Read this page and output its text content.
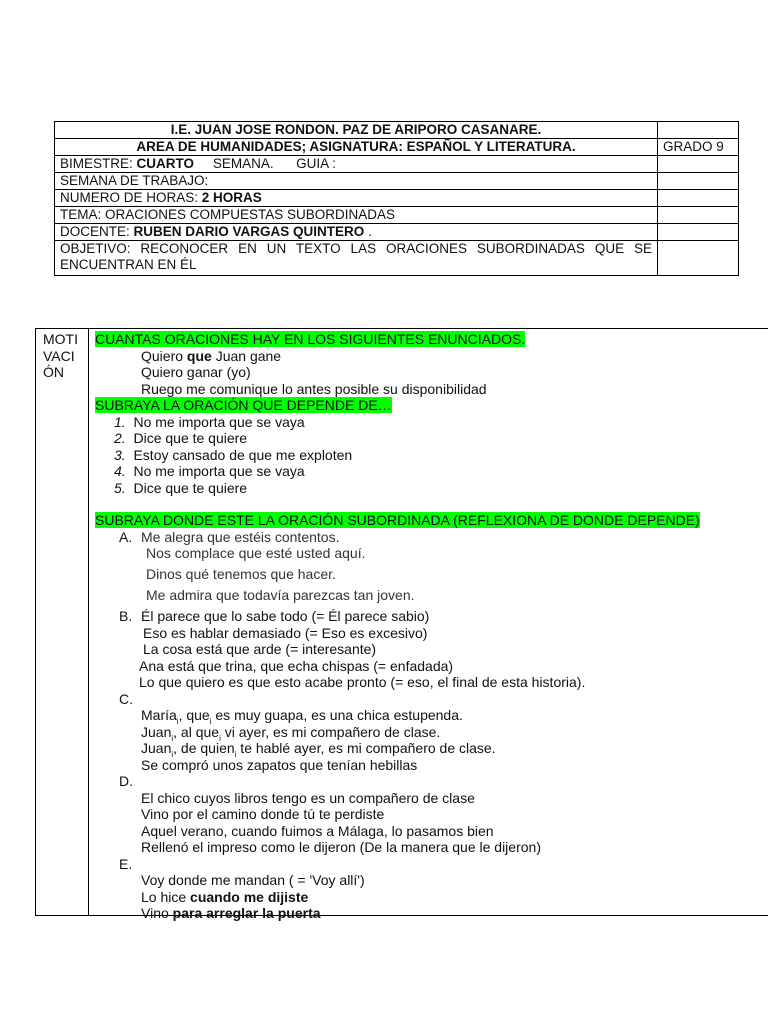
I.E. JUAN JOSE RONDON. PAZ DE ARIPORO CASANARE.	
AREA DE HUMANIDADES; ASIGNATURA: ESPAÑOL Y LITERATURA.	GRADO 9
BIMESTRE: CUARTO SEMANA. GUIA :	
SEMANA DE TRABAJO:	
NUMERO DE HORAS: 2 HORAS	
TEMA: ORACIONES COMPUESTAS SUBORDINADAS	
DOCENTE: RUBEN DARIO VARGAS QUINTERO .	

OBJETIVO: RECONOCER EN UN TEXTO LAS ORACIONES SUBORDINADAS QUE SE
ENCUENTRAN EN ÉL	

MOTI
VACI
ÓN
CUANTAS ORACIONES HAY EN LOS SIGUIENTES ENUNCIADOS.
Quiero que Juan gane
Quiero ganar (yo)
Ruego me comunique lo antes posible su disponibilidad
SUBRAYA LA ORACIÓN QUE DEPENDE DE…
1. No me importa que se vaya
2. Dice que te quiere
3. Estoy cansado de que me exploten
4. No me importa que se vaya
5. Dice que te quiere
SUBRAYA DONDE ESTE LA ORACIÓN SUBORDINADA (REFLEXIONA DE DONDE DEPENDE)
A. Me alegra que estéis contentos.
Nos complace que esté usted aquí.
Dinos qué tenemos que hacer.
Me admira que todavía parezcas tan joven.
B. Él parece que lo sabe todo (= Él parece sabio)
Eso es hablar demasiado (= Eso es excesivo)
La cosa está que arde (= interesante)
Ana está que trina, que echa chispas (= enfadada)
Lo que quiero es que esto acabe pronto (= eso, el final de esta historia).
C.
María$_i$, que$_i$ es muy guapa, es una chica estupenda.
Juan$_i$, al que$_i$ vi ayer, es mi compañero de clase.
Juan$_i$, de quien$_i$ te hablé ayer, es mi compañero de clase.
Se compró unos zapatos que tenían hebillas
D.
El chico cuyos libros tengo es un compañero de clase
Vino por el camino donde tú te perdiste
Aquel verano, cuando fuimos a Málaga, lo pasamos bien
Rellenó el impreso como le dijeron (De la manera que le dijeron)
E.
Voy donde me mandan ( = 'Voy allí')
Lo hice cuando me dijiste
Vino para arreglar la puerta
